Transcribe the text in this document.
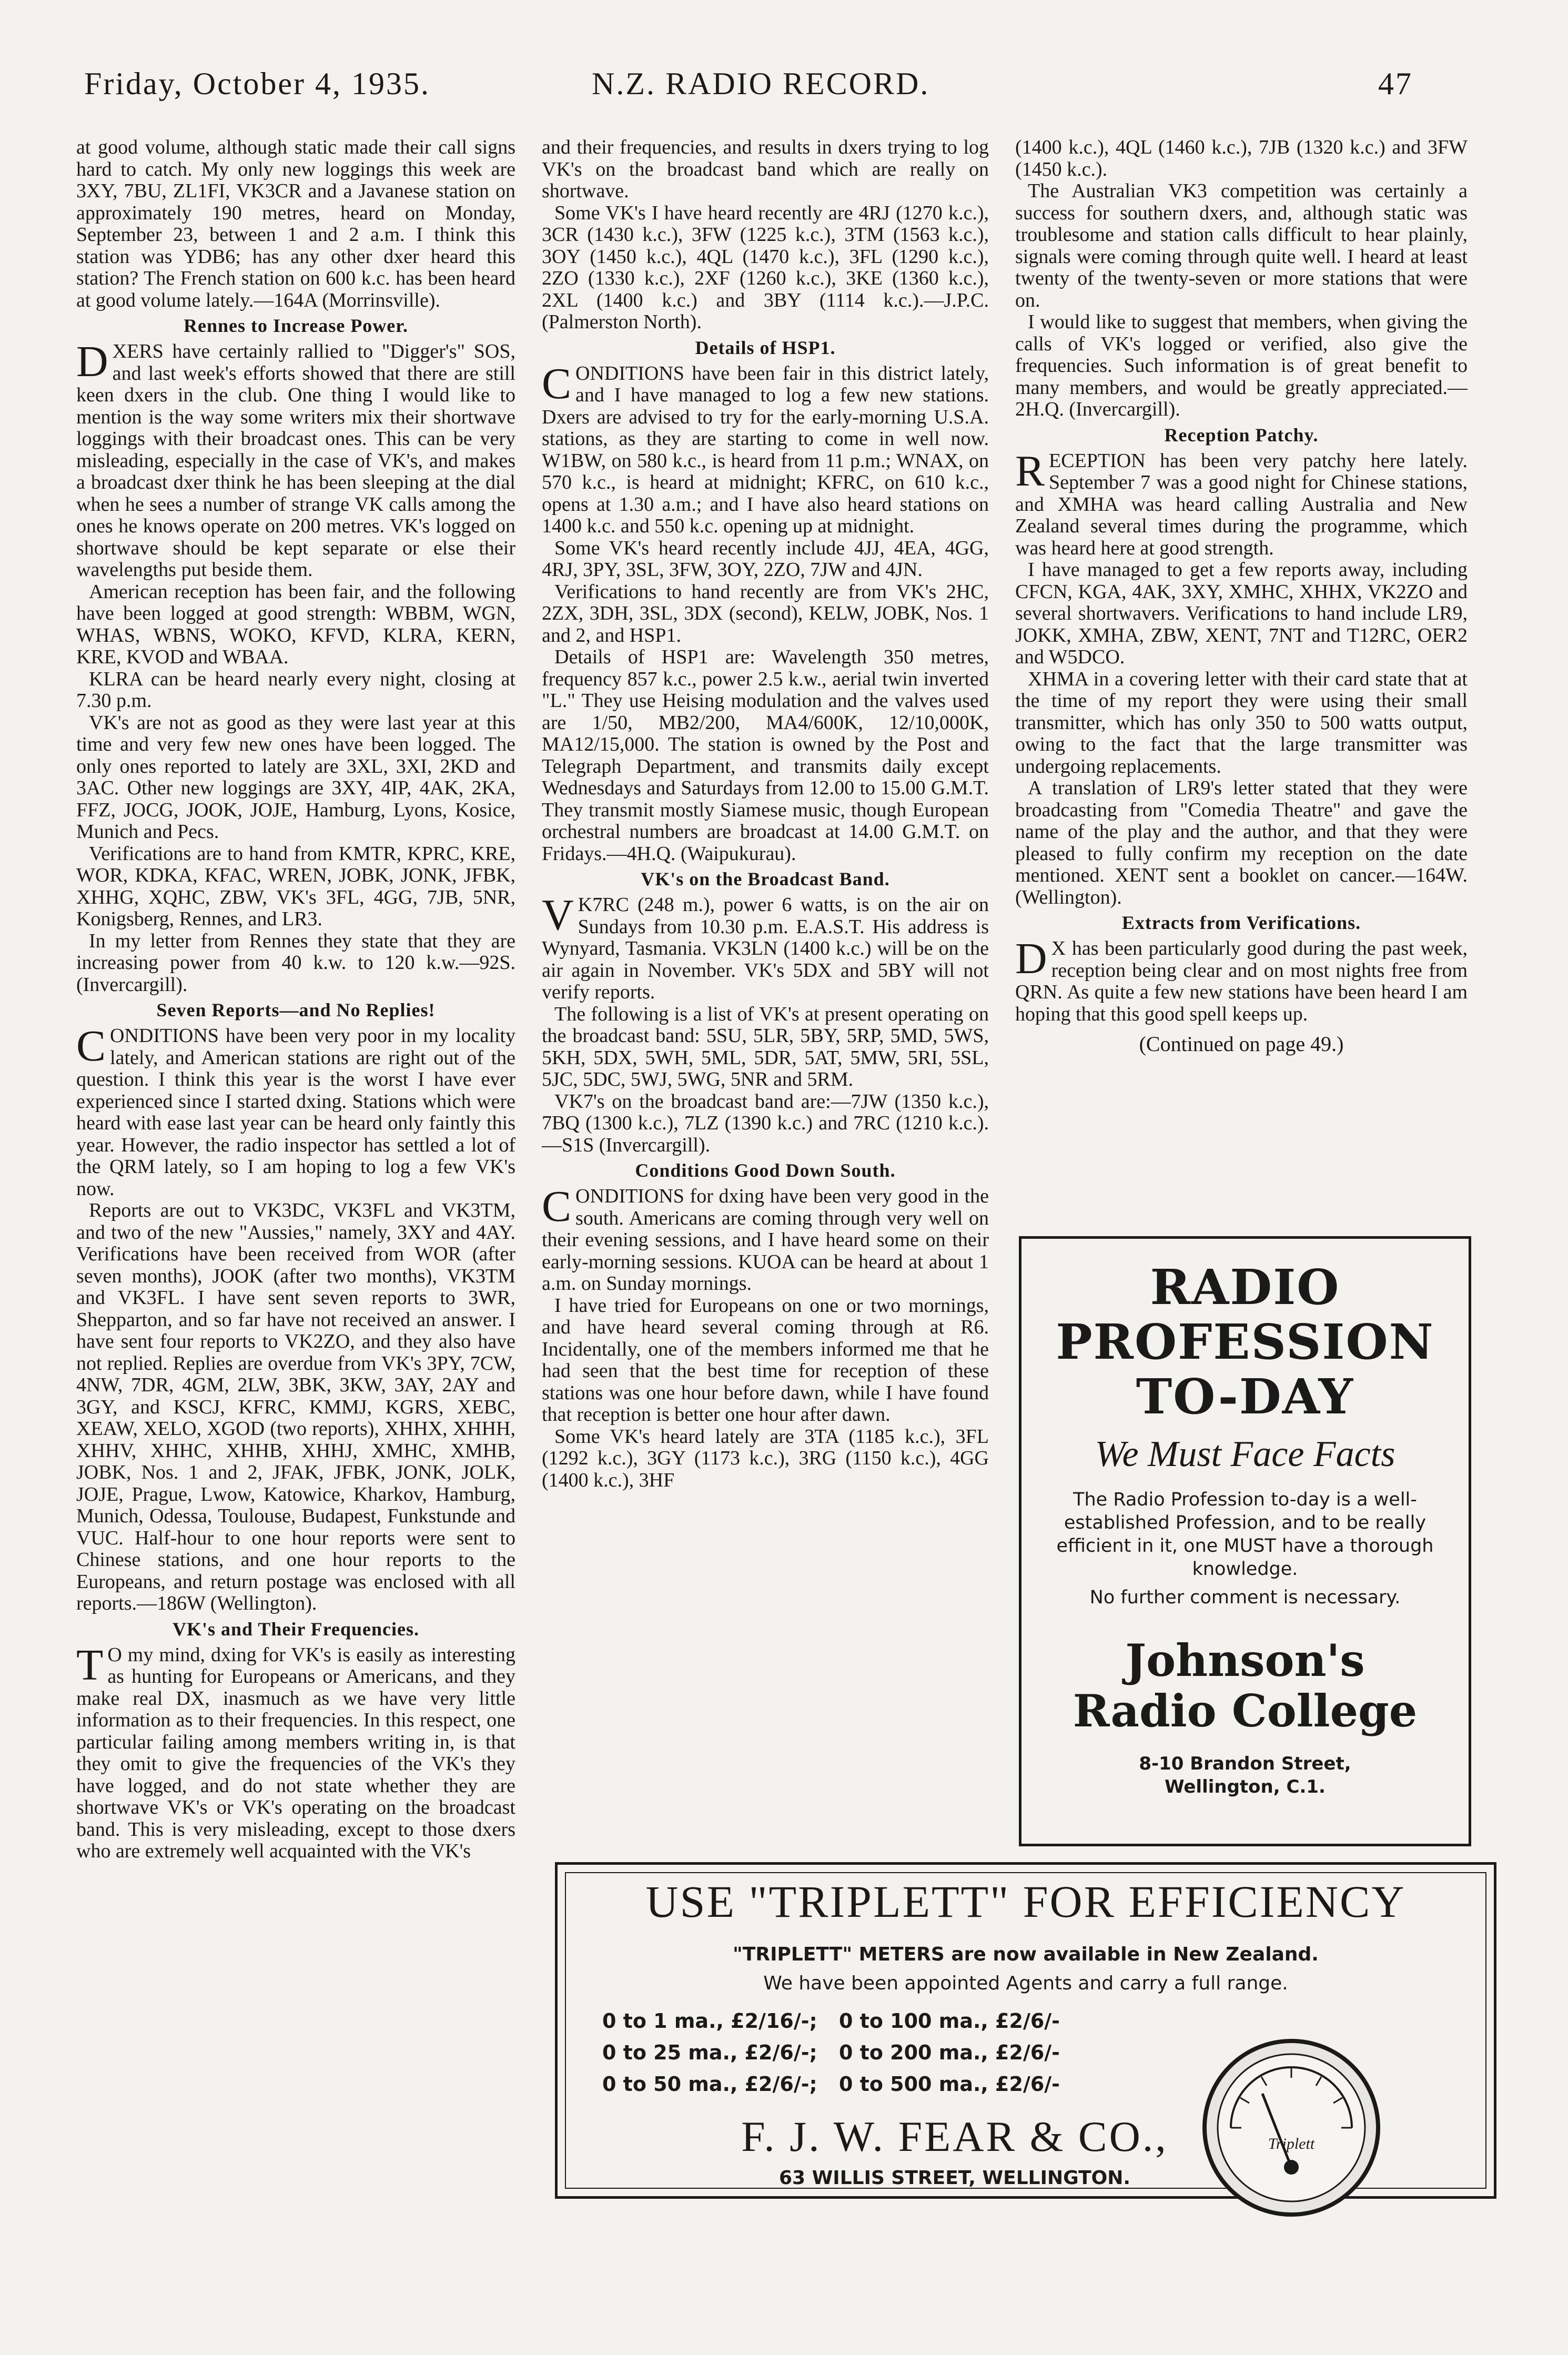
Friday, October 4, 1935.	N.Z. RADIO RECORD.	47

at good volume, although static made their call signs hard to catch. My only new loggings this week are 3XY, 7BU, ZL1FI, VK3CR and a Javanese station on approximately 190 metres, heard on Monday, September 23, between 1 and 2 a.m. I think this station was YDB6; has any other dxer heard this station? The French station on 600 k.c. has been heard at good volume lately.—164A (Morrinsville).

Rennes to Increase Power.

DXERS have certainly rallied to "Digger's" SOS, and last week's efforts showed that there are still keen dxers in the club. One thing I would like to mention is the way some writers mix their shortwave loggings with their broadcast ones. This can be very misleading, especially in the case of VK's, and makes a broadcast dxer think he has been sleeping at the dial when he sees a number of strange VK calls among the ones he knows operate on 200 metres. VK's logged on shortwave should be kept separate or else their wavelengths put beside them.

American reception has been fair, and the following have been logged at good strength: WBBM, WGN, WHAS, WBNS, WOKO, KFVD, KLRA, KERN, KRE, KVOD and WBAA.

KLRA can be heard nearly every night, closing at 7.30 p.m.

VK's are not as good as they were last year at this time and very few new ones have been logged. The only ones reported to lately are 3XL, 3XI, 2KD and 3AC. Other new loggings are 3XY, 4IP, 4AK, 2KA, FFZ, JOCG, JOOK, JOJE, Hamburg, Lyons, Kosice, Munich and Pecs.

Verifications are to hand from KMTR, KPRC, KRE, WOR, KDKA, KFAC, WREN, JOBK, JONK, JFBK, XHHG, XQHC, ZBW, VK's 3FL, 4GG, 7JB, 5NR, Konigsberg, Rennes, and LR3.

In my letter from Rennes they state that they are increasing power from 40 k.w. to 120 k.w.—92S. (Invercargill).

Seven Reports—and No Replies!

CONDITIONS have been very poor in my locality lately, and American stations are right out of the question. I think this year is the worst I have ever experienced since I started dxing. Stations which were heard with ease last year can be heard only faintly this year. However, the radio inspector has settled a lot of the QRM lately, so I am hoping to log a few VK's now.

Reports are out to VK3DC, VK3FL and VK3TM, and two of the new "Aussies," namely, 3XY and 4AY. Verifications have been received from WOR (after seven months), JOOK (after two months), VK3TM and VK3FL. I have sent seven reports to 3WR, Shepparton, and so far have not received an answer. I have sent four reports to VK2ZO, and they also have not replied. Replies are overdue from VK's 3PY, 7CW, 4NW, 7DR, 4GM, 2LW, 3BK, 3KW, 3AY, 2AY and 3GY, and KSCJ, KFRC, KMMJ, KGRS, XEBC, XEAW, XELO, XGOD (two reports), XHHX, XHHH, XHHV, XHHC, XHHB, XHHJ, XMHC, XMHB, JOBK, Nos. 1 and 2, JFAK, JFBK, JONK, JOLK, JOJE, Prague, Lwow, Katowice, Kharkov, Hamburg, Munich, Odessa, Toulouse, Budapest, Funkstunde and VUC. Half-hour to one hour reports were sent to Chinese stations, and one hour reports to the Europeans, and return postage was enclosed with all reports.—186W (Wellington).

VK's and Their Frequencies.

T O my mind, dxing for VK's is easily as interesting as hunting for Europeans or Americans, and they make real DX, inasmuch as we have very little information as to their frequencies. In this respect, one particular failing among members writing in, is that they omit to give the frequencies of the VK's they have logged, and do not state whether they are shortwave VK's or VK's operating on the broadcast band. This is very misleading, except to those dxers who are extremely well acquainted with the VK's

and their frequencies, and results in dxers trying to log VK's on the broadcast band which are really on shortwave.

Some VK's I have heard recently are 4RJ (1270 k.c.), 3CR (1430 k.c.), 3FW (1225 k.c.), 3TM (1563 k.c.), 3OY (1450 k.c.), 4QL (1470 k.c.), 3FL (1290 k.c.), 2ZO (1330 k.c.), 2XF (1260 k.c.), 3KE (1360 k.c.), 2XL (1400 k.c.) and 3BY (1114 k.c.).—J.P.C. (Palmerston North).

Details of HSP1.

CONDITIONS have been fair in this district lately, and I have managed to log a few new stations. Dxers are advised to try for the early-morning U.S.A. stations, as they are starting to come in well now. W1BW, on 580 k.c., is heard from 11 p.m.; WNAX, on 570 k.c., is heard at midnight; KFRC, on 610 k.c., opens at 1.30 a.m.; and I have also heard stations on 1400 k.c. and 550 k.c. opening up at midnight.

Some VK's heard recently include 4JJ, 4EA, 4GG, 4RJ, 3PY, 3SL, 3FW, 3OY, 2ZO, 7JW and 4JN.

Verifications to hand recently are from VK's 2HC, 2ZX, 3DH, 3SL, 3DX (second), KELW, JOBK, Nos. 1 and 2, and HSP1.

Details of HSP1 are: Wavelength 350 metres, frequency 857 k.c., power 2.5 k.w., aerial twin inverted "L." They use Heising modulation and the valves used are 1/50, MB2/200, MA4/600K, 12/10,000K, MA12/15,000. The station is owned by the Post and Telegraph Department, and transmits daily except Wednesdays and Saturdays from 12.00 to 15.00 G.M.T. They transmit mostly Siamese music, though European orchestral numbers are broadcast at 14.00 G.M.T. on Fridays.—4H.Q. (Waipukurau).

VK's on the Broadcast Band.

V K7RC (248 m.), power 6 watts, is on the air on Sundays from 10.30 p.m. E.A.S.T. His address is Wynyard, Tasmania. VK3LN (1400 k.c.) will be on the air again in November. VK's 5DX and 5BY will not verify reports.

The following is a list of VK's at present operating on the broadcast band: 5SU, 5LR, 5BY, 5RP, 5MD, 5WS, 5KH, 5DX, 5WH, 5ML, 5DR, 5AT, 5MW, 5RI, 5SL, 5JC, 5DC, 5WJ, 5WG, 5NR and 5RM.

VK7's on the broadcast band are:—7JW (1350 k.c.), 7BQ (1300 k.c.), 7LZ (1390 k.c.) and 7RC (1210 k.c.).—S1S (Invercargill).

Conditions Good Down South.

CONDITIONS for dxing have been very good in the south. Americans are coming through very well on their evening sessions, and I have heard some on their early-morning sessions. KUOA can be heard at about 1 a.m. on Sunday mornings.

I have tried for Europeans on one or two mornings, and have heard several coming through at R6. Incidentally, one of the members informed me that he had seen that the best time for reception of these stations was one hour before dawn, while I have found that reception is better one hour after dawn.

Some VK's heard lately are 3TA (1185 k.c.), 3FL (1292 k.c.), 3GY (1173 k.c.), 3RG (1150 k.c.), 4GG (1400 k.c.), 3HF

(1400 k.c.), 4QL (1460 k.c.), 7JB (1320 k.c.) and 3FW (1450 k.c.).

The Australian VK3 competition was certainly a success for southern dxers, and, although static was troublesome and station calls difficult to hear plainly, signals were coming through quite well. I heard at least twenty of the twenty-seven or more stations that were on.

I would like to suggest that members, when giving the calls of VK's logged or verified, also give the frequencies. Such information is of great benefit to many members, and would be greatly appreciated.—2H.Q. (Invercargill).

Reception Patchy.

RECEPTION has been very patchy here lately. September 7 was a good night for Chinese stations, and XMHA was heard calling Australia and New Zealand several times during the programme, which was heard here at good strength.

I have managed to get a few reports away, including CFCN, KGA, 4AK, 3XY, XMHC, XHHX, VK2ZO and several shortwavers. Verifications to hand include LR9, JOKK, XMHA, ZBW, XENT, 7NT and T12RC, OER2 and W5DCO.

XHMA in a covering letter with their card state that at the time of my report they were using their small transmitter, which has only 350 to 500 watts output, owing to the fact that the large transmitter was undergoing replacements.

A translation of LR9's letter stated that they were broadcasting from "Comedia Theatre" and gave the name of the play and the author, and that they were pleased to fully confirm my reception on the date mentioned. XENT sent a booklet on cancer.—164W. (Wellington).

Extracts from Verifications.

D X has been particularly good during the past week, reception being clear and on most nights free from QRN. As quite a few new stations have been heard I am hoping that this good spell keeps up.

(Continued on page 49.)
RADIO
PROFESSION
TO-DAY
We Must Face Facts
The Radio Profession to-day is a well-established Profession, and to be really efficient in it, one MUST have a thorough knowledge.
No further comment is necessary.
Johnson's
Radio College
8-10 Brandon Street,
Wellington, C.1.
USE "TRIPLETT" FOR EFFICIENCY
"TRIPLETT" METERS are now available in New Zealand.
We have been appointed Agents and carry a full range.
0 to 1 ma., £2/16/-; 0 to 100 ma., £2/6/-
0 to 25 ma., £2/6/-; 0 to 200 ma., £2/6/-
0 to 50 ma., £2/6/-; 0 to 500 ma., £2/6/-
F. J. W. FEAR & CO.,
63 WILLIS STREET, WELLINGTON.
Triplett
